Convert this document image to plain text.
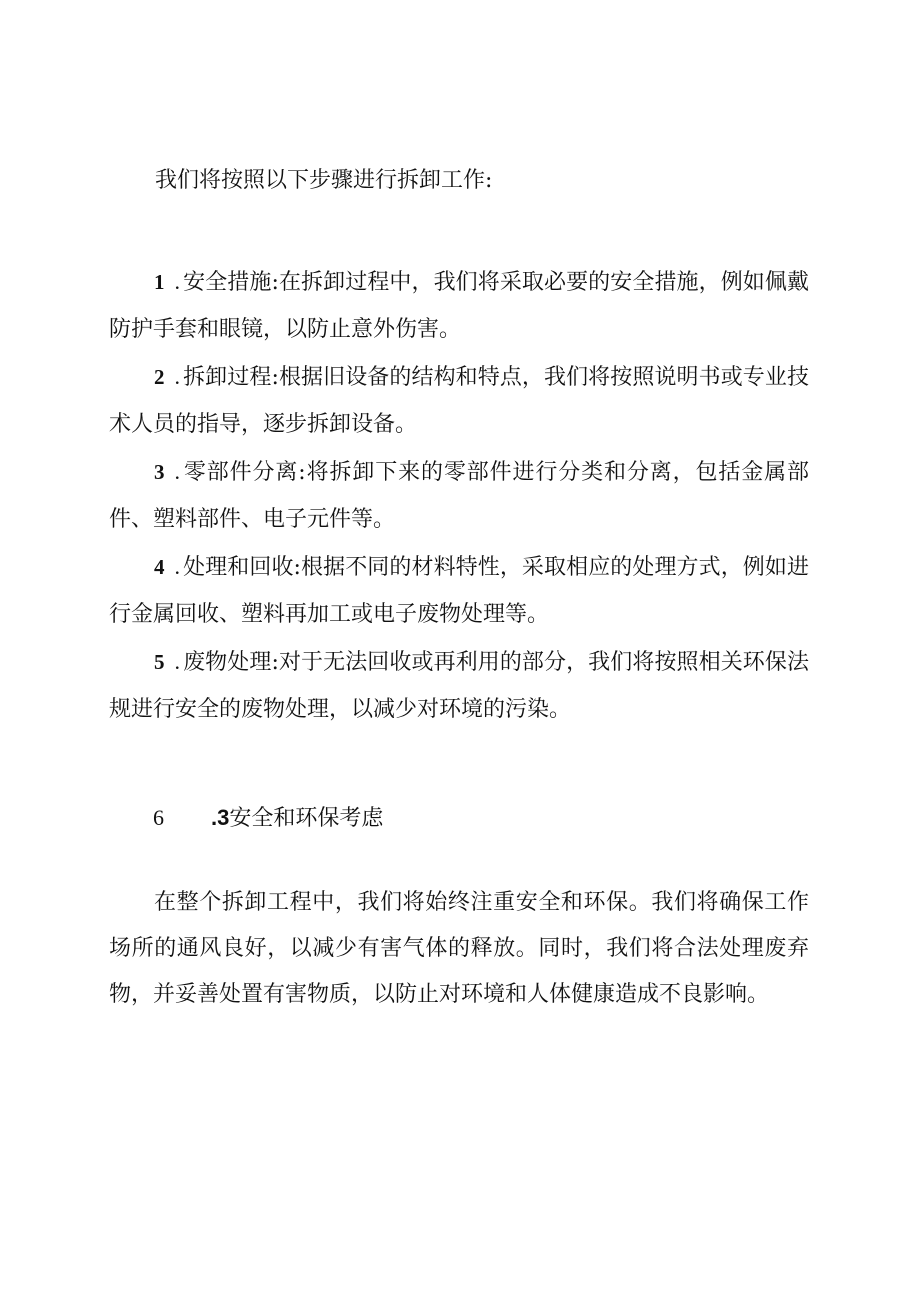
我们将按照以下步骤进行拆卸工作:

1 . 安全措施:在拆卸过程中，我们将采取必要的安全措施，例如佩戴防护手套和眼镜，以防止意外伤害。

2 . 拆卸过程:根据旧设备的结构和特点，我们将按照说明书或专业技术人员的指导，逐步拆卸设备。

3 . 零部件分离:将拆卸下来的零部件进行分类和分离，包括金属部件、塑料部件、电子元件等。

4 . 处理和回收:根据不同的材料特性，采取相应的处理方式，例如进行金属回收、塑料再加工或电子废物处理等。

5 . 废物处理:对于无法回收或再利用的部分，我们将按照相关环保法规进行安全的废物处理，以减少对环境的污染。

6 .3安全和环保考虑

在整个拆卸工程中，我们将始终注重安全和环保。我们将确保工作场所的通风良好，以减少有害气体的释放。同时，我们将合法处理废弃物，并妥善处置有害物质，以防止对环境和人体健康造成不良影响。
